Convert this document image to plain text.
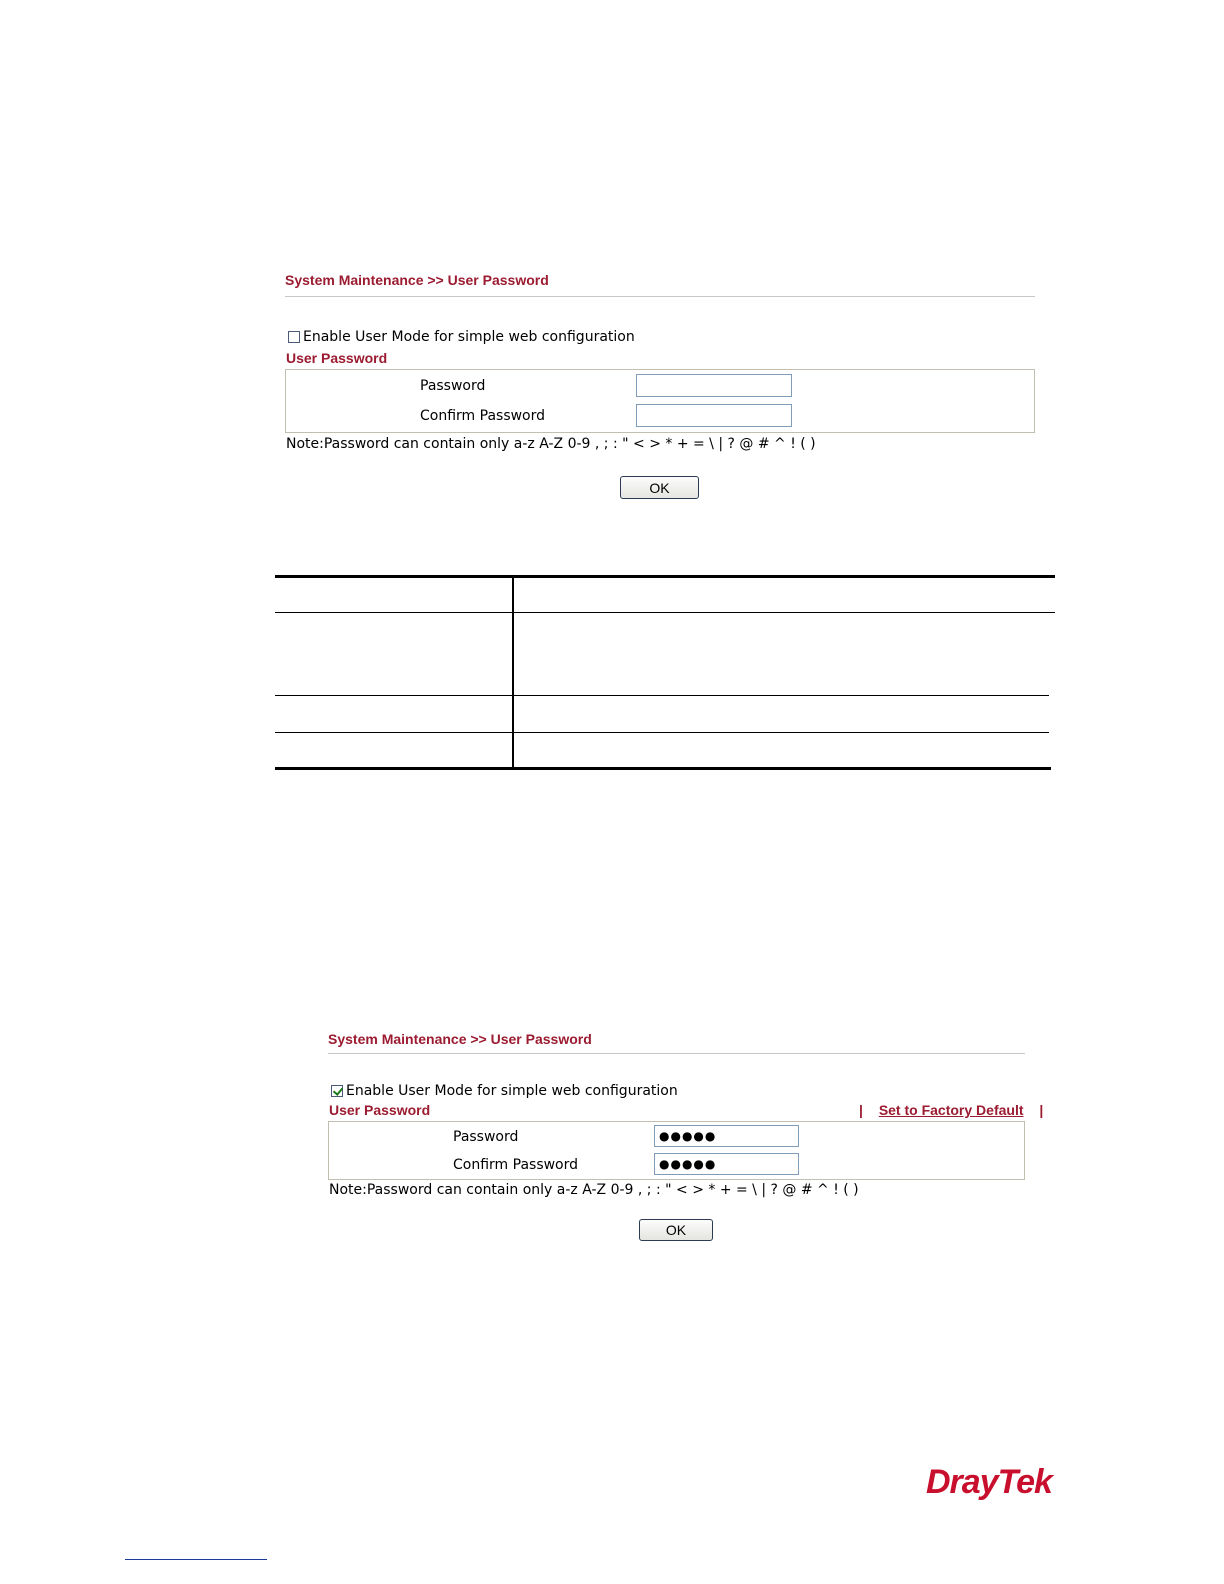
System Maintenance >> User Password
Enable User Mode for simple web configuration
User Password
Password
Confirm Password
Note:Password can contain only a-z A-Z 0-9 , ; : " < > * + = \ | ? @ # ^ ! ( )
OK
System Maintenance >> User Password
Enable User Mode for simple web configuration
User Password	| Set to Factory Default |
Password	●●●●●
Confirm Password	●●●●●
Note:Password can contain only a-z A-Z 0-9 , ; : " < > * + = \ | ? @ # ^ ! ( )
OK
DrayTek
